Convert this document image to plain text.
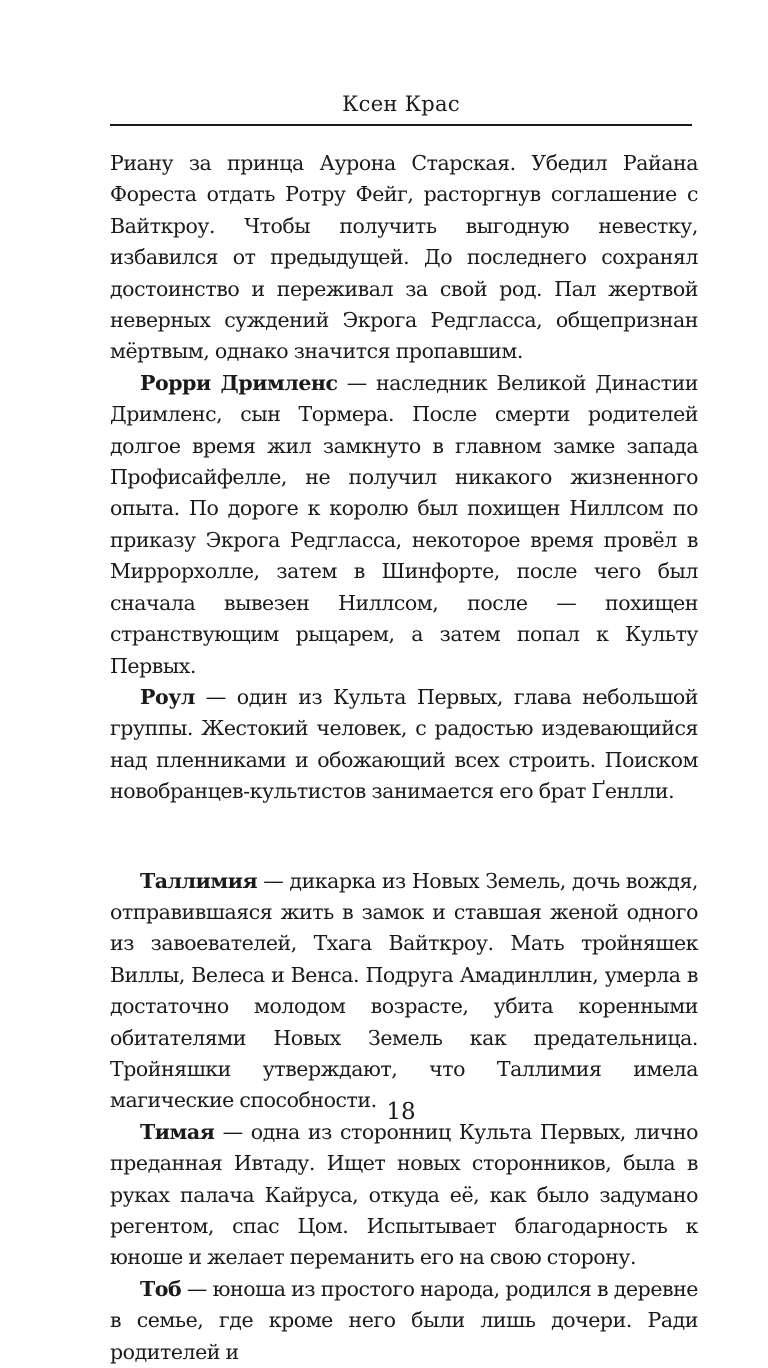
Ксен Крас

Риану за принца Аурона Старская. Убедил Райана Фореста отдать Ротру Фейг, расторгнув соглашение с Вайткроу. Чтобы получить выгодную невестку, избавился от предыдущей. До последнего сохранял достоинство и переживал за свой род. Пал жертвой неверных суждений Экрога Редгласса, общепризнан мёртвым, однако значится пропавшим.

Рорри Дримленс — наследник Великой Династии Дримленс, сын Тормера. После смерти родителей долгое время жил замкнуто в главном замке запада Профисайфелле, не получил никакого жизненного опыта. По дороге к королю был похищен Ниллсом по приказу Экрога Редгласса, некоторое время провёл в Миррорхолле, затем в Шинфорте, после чего был сначала вывезен Ниллсом, после — похищен странствующим рыцарем, а затем попал к Культу Первых.

Роул — один из Культа Первых, глава небольшой группы. Жестокий человек, с радостью издевающийся над пленниками и обожающий всех строить. Поиском новобранцев-культистов занимается его брат Ґенлли.

Таллимия — дикарка из Новых Земель, дочь вождя, отправившаяся жить в замок и ставшая женой одного из завоевателей, Тхага Вайткроу. Мать тройняшек Виллы, Велеса и Венса. Подруга Амадинллин, умерла в достаточно молодом возрасте, убита коренными обитателями Новых Земель как предательница. Тройняшки утверждают, что Таллимия имела магические способности.

Тимая — одна из сторонниц Культа Первых, лично преданная Ивтаду. Ищет новых сторонников, была в руках палача Кайруса, откуда её, как было задумано регентом, спас Цом. Испытывает благодарность к юноше и желает переманить его на свою сторону.

Тоб — юноша из простого народа, родился в деревне в семье, где кроме него были лишь дочери. Ради родителей и

18
